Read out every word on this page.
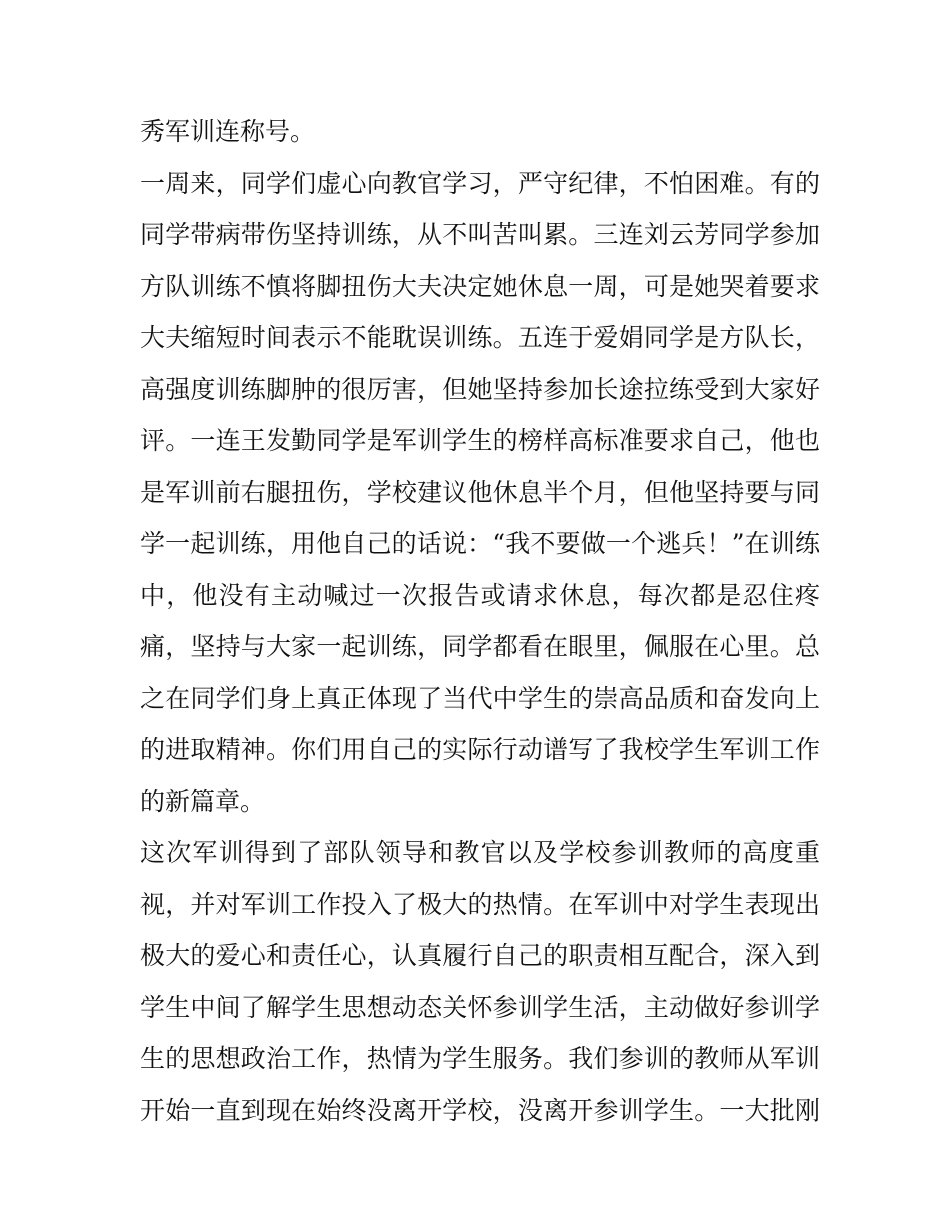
秀军训连称号。
一周来，同学们虚心向教官学习，严守纪律，不怕困难。有的
同学带病带伤坚持训练，从不叫苦叫累。三连刘云芳同学参加
方队训练不慎将脚扭伤大夫决定她休息一周，可是她哭着要求
大夫缩短时间表示不能耽误训练。五连于爱娟同学是方队长，
高强度训练脚肿的很厉害，但她坚持参加长途拉练受到大家好
评。一连王发勤同学是军训学生的榜样高标准要求自己，他也
是军训前右腿扭伤，学校建议他休息半个月，但他坚持要与同
学一起训练，用他自己的话说：“我不要做一个逃兵！”在训练
中，他没有主动喊过一次报告或请求休息，每次都是忍住疼
痛，坚持与大家一起训练，同学都看在眼里，佩服在心里。总
之在同学们身上真正体现了当代中学生的崇高品质和奋发向上
的进取精神。你们用自己的实际行动谱写了我校学生军训工作
的新篇章。
这次军训得到了部队领导和教官以及学校参训教师的高度重
视，并对军训工作投入了极大的热情。在军训中对学生表现出
极大的爱心和责任心，认真履行自己的职责相互配合，深入到
学生中间了解学生思想动态关怀参训学生活，主动做好参训学
生的思想政治工作，热情为学生服务。我们参训的教师从军训
开始一直到现在始终没离开学校，没离开参训学生。一大批刚
